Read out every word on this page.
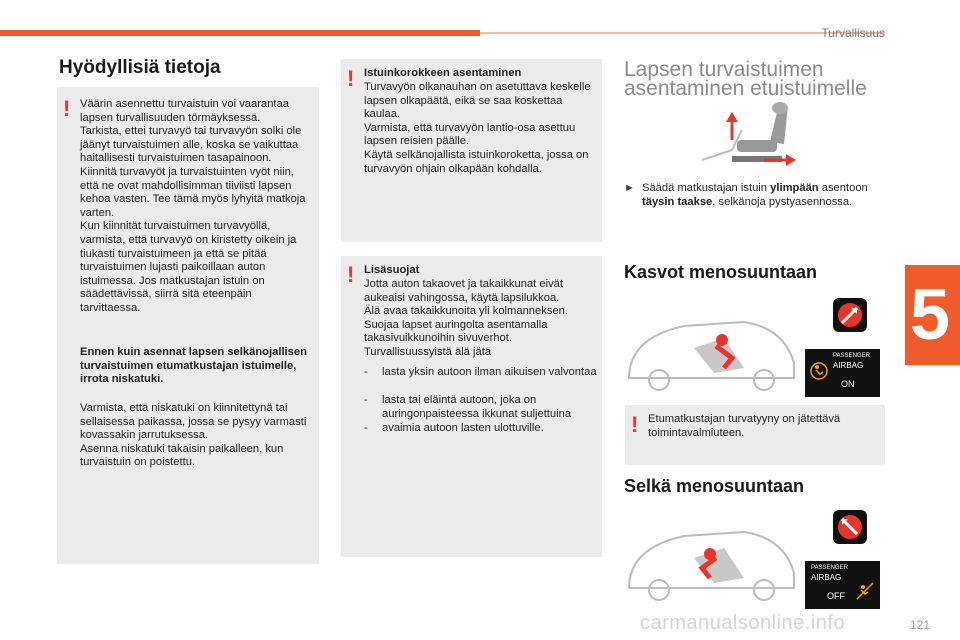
Turvallisuus
5
Hyödyllisiä tietoja
! Väärin asennettu turvaistuin voi vaarantaa lapsen turvallisuuden törmäyksessä.
Tarkista, ettei turvavyö tai turvavyön solki ole jäänyt turvaistuimen alle, koska se vaikuttaa haitallisesti turvaistuimen tasapainoon.
Kiinnitä turvavyöt ja turvaistuinten vyöt niin, että ne ovat mahdollisimman tiiviisti lapsen kehoa vasten. Tee tämä myös lyhyitä matkoja varten.
Kun kiinnität turvaistuimen turvavyöllä, varmista, että turvavyö on kiristetty oikein ja tiukasti turvaistuimeen ja että se pitää turvaistuimen lujasti paikoillaan auton istuimessa. Jos matkustajan istuin on säädettävissä, siirrä sitä eteenpäin tarvittaessa.
Ennen kuin asennat lapsen selkänojallisen turvaistuimen etumatkustajan istuimelle, irrota niskatuki.
Varmista, että niskatuki on kiinnitettynä tai sellaisessa paikassa, jossa se pysyy varmasti kovassakin jarrutuksessa.
Asenna niskatuki takaisin paikalleen, kun turvaistuin on poistettu.
! Istuinkorokkeen asentaminen
Turvavyön olkanauhan on asetuttava keskelle lapsen olkapäätä, eikä se saa koskettaa kaulaa.
Varmista, että turvavyön lantio-osa asettuu lapsen reisien päälle.
Käytä selkänojallista istuinkoroketta, jossa on turvavyön ohjain olkapään kohdalla.
! Lisäsuojat
Jotta auton takaovet ja takaikkunat eivät aukeaisi vahingossa, käytä lapsilukkoa.
Älä avaa takaikkunoita yli kolmanneksen.
Suojaa lapset auringolta asentamalla takasivuikkunoihin sivuverhot.
Turvallisuussyistä älä jätä
- lasta yksin autoon ilman aikuisen valvontaa
- lasta tai eläintä autoon, joka on auringonpaisteessa ikkunat suljettuina
- avaimia autoon lasten ulottuville.
Lapsen turvaistuimen
asentaminen etuistuimelle
► Säädä matkustajan istuin ylimpään asentoon täysin taakse, selkänoja pystyasennossa.
Kasvot menosuuntaan
PASSENGER
AIRBAG
ON
! Etumatkustajan turvatyyny on jätettävä toimintavalmiuteen.
Selkä menosuuntaan
PASSENGER
AIRBAG
OFF
carmanualsonline.info	121
